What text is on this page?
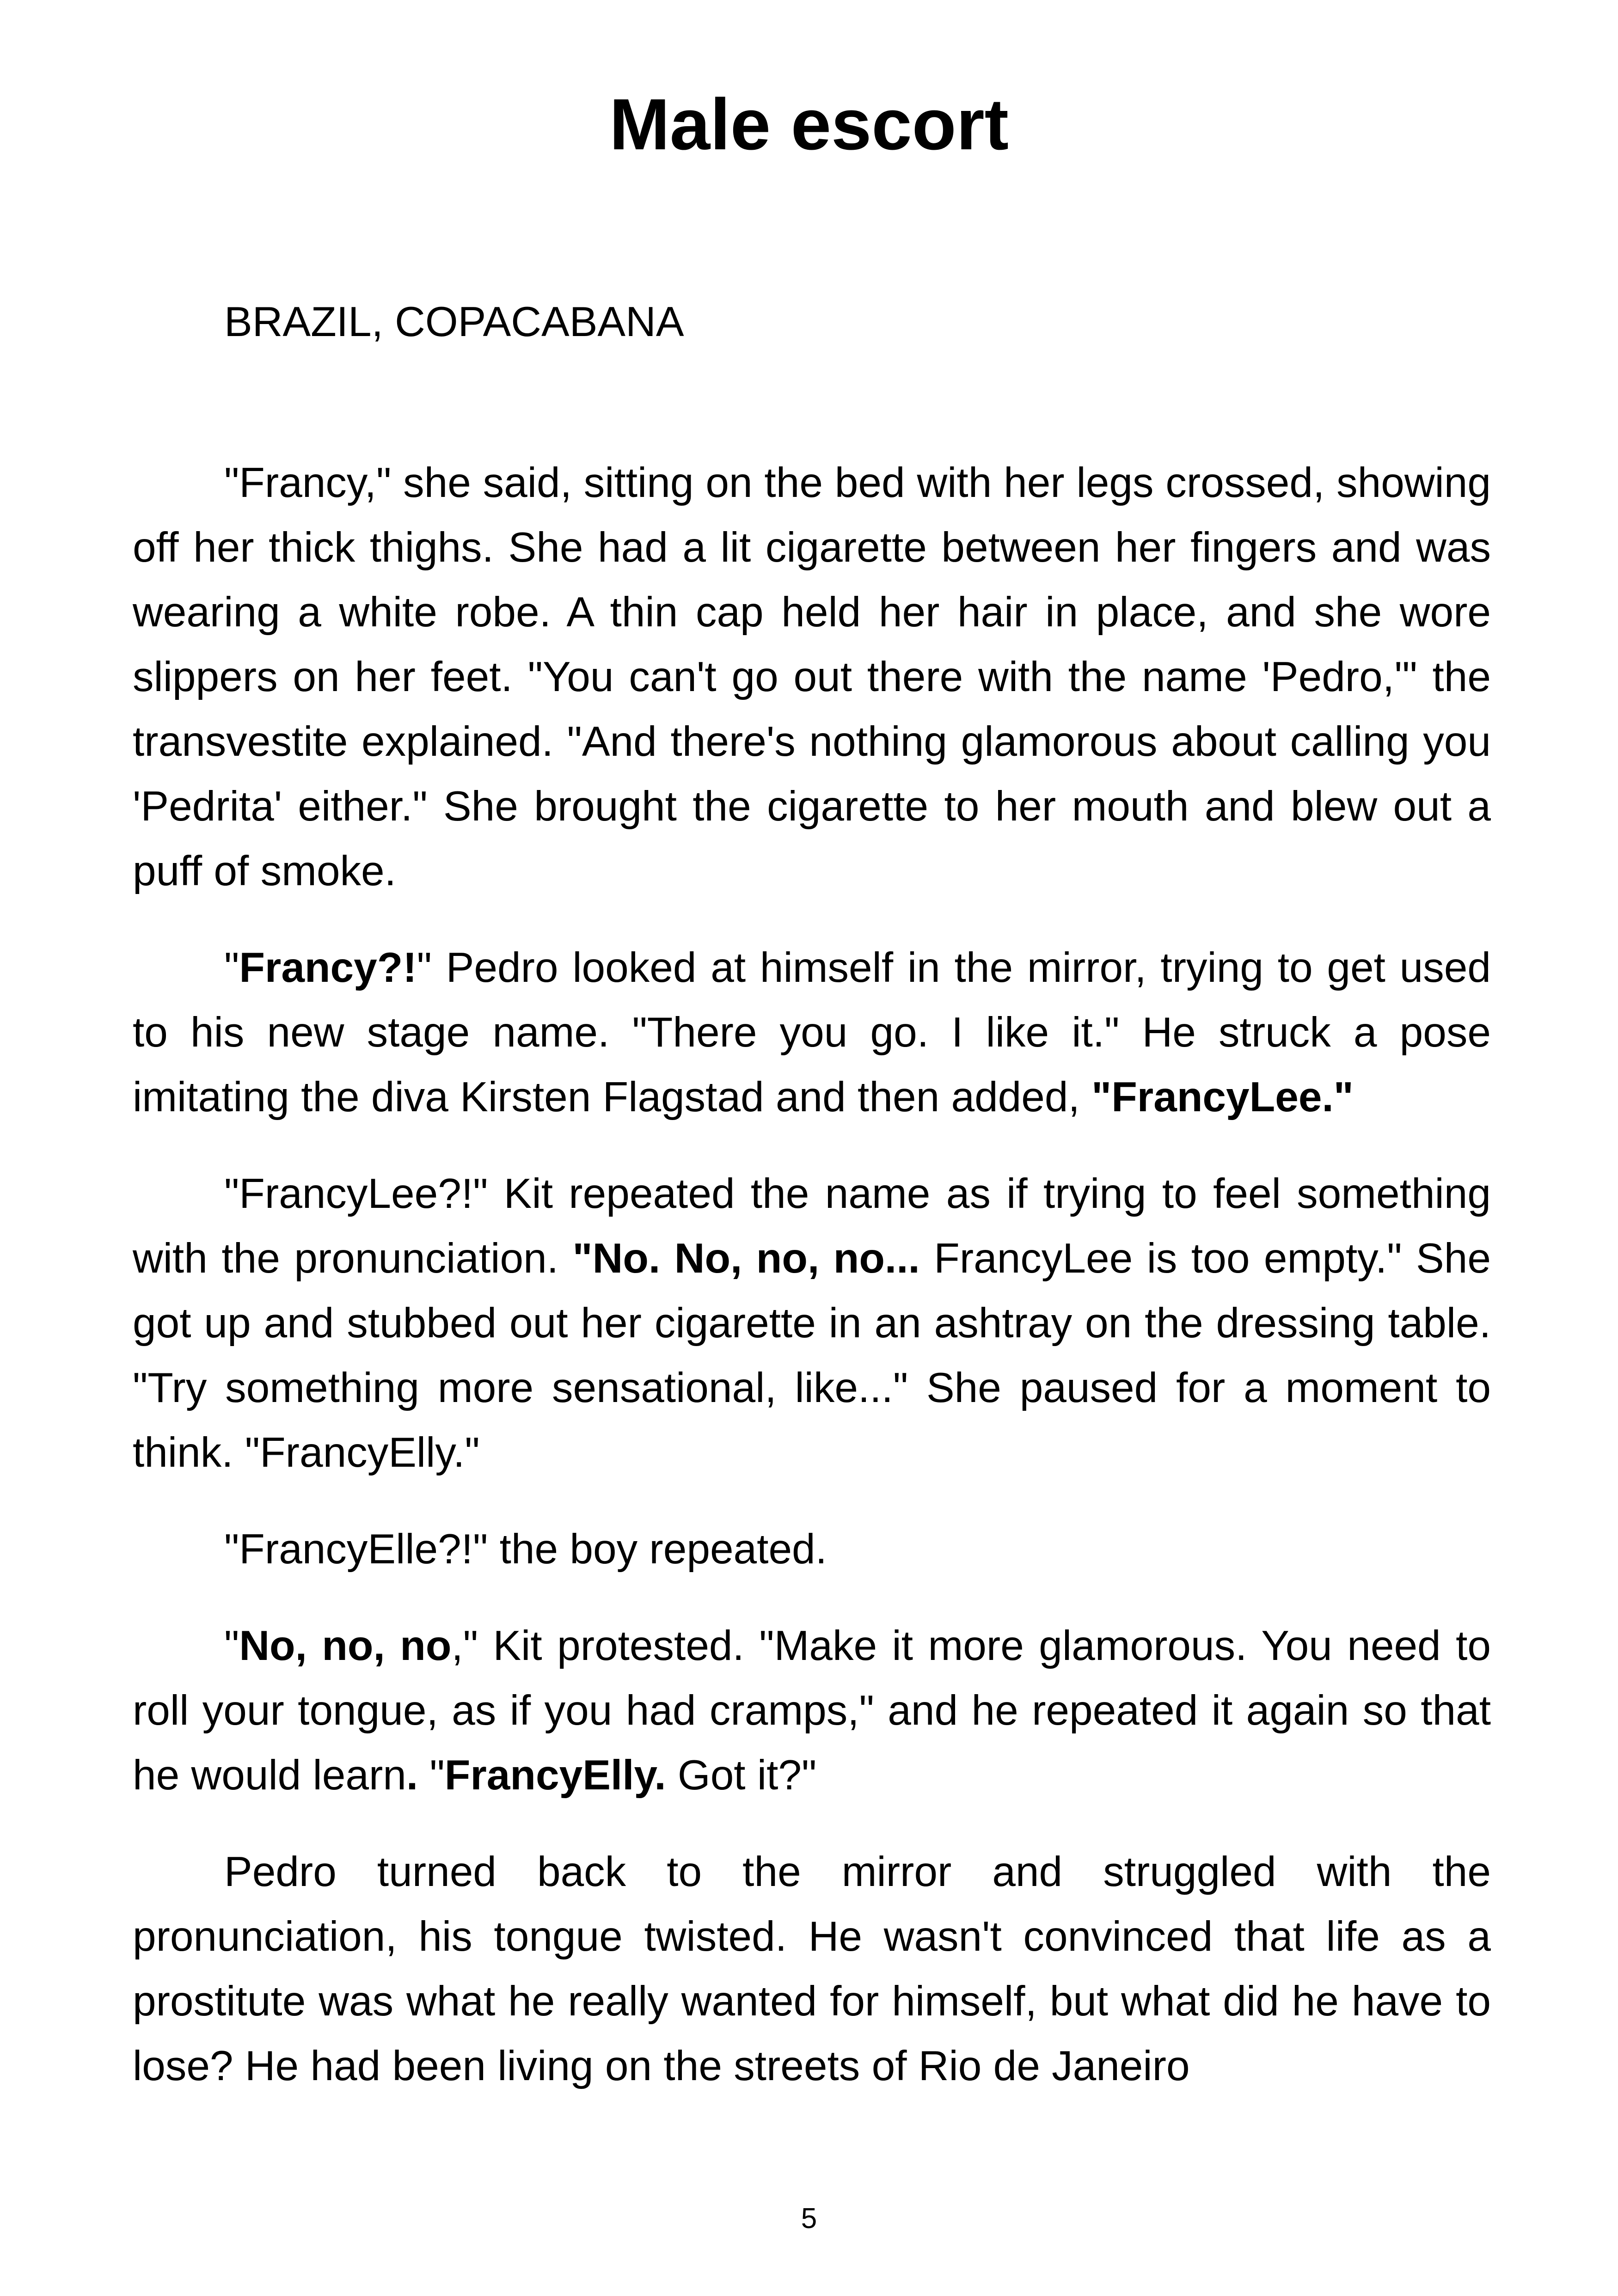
Male escort

BRAZIL, COPACABANA

"Francy," she said, sitting on the bed with her legs crossed, showing off her thick thighs. She had a lit cigarette between her fingers and was wearing a white robe. A thin cap held her hair in place, and she wore slippers on her feet. "You can't go out there with the name 'Pedro,'" the transvestite explained. "And there's nothing glamorous about calling you 'Pedrita' either." She brought the cigarette to her mouth and blew out a puff of smoke.

"Francy?!" Pedro looked at himself in the mirror, trying to get used to his new stage name. "There you go. I like it." He struck a pose imitating the diva Kirsten Flagstad and then added, "FrancyLee."

"FrancyLee?!" Kit repeated the name as if trying to feel something with the pronunciation. "No. No, no, no... FrancyLee is too empty." She got up and stubbed out her cigarette in an ashtray on the dressing table. "Try something more sensational, like..." She paused for a moment to think. "FrancyElly."

"FrancyElle?!" the boy repeated.

"No, no, no," Kit protested. "Make it more glamorous. You need to roll your tongue, as if you had cramps," and he repeated it again so that he would learn. "FrancyElly. Got it?"

Pedro turned back to the mirror and struggled with the pronunciation, his tongue twisted. He wasn't convinced that life as a prostitute was what he really wanted for himself, but what did he have to lose? He had been living on the streets of Rio de Janeiro

5
